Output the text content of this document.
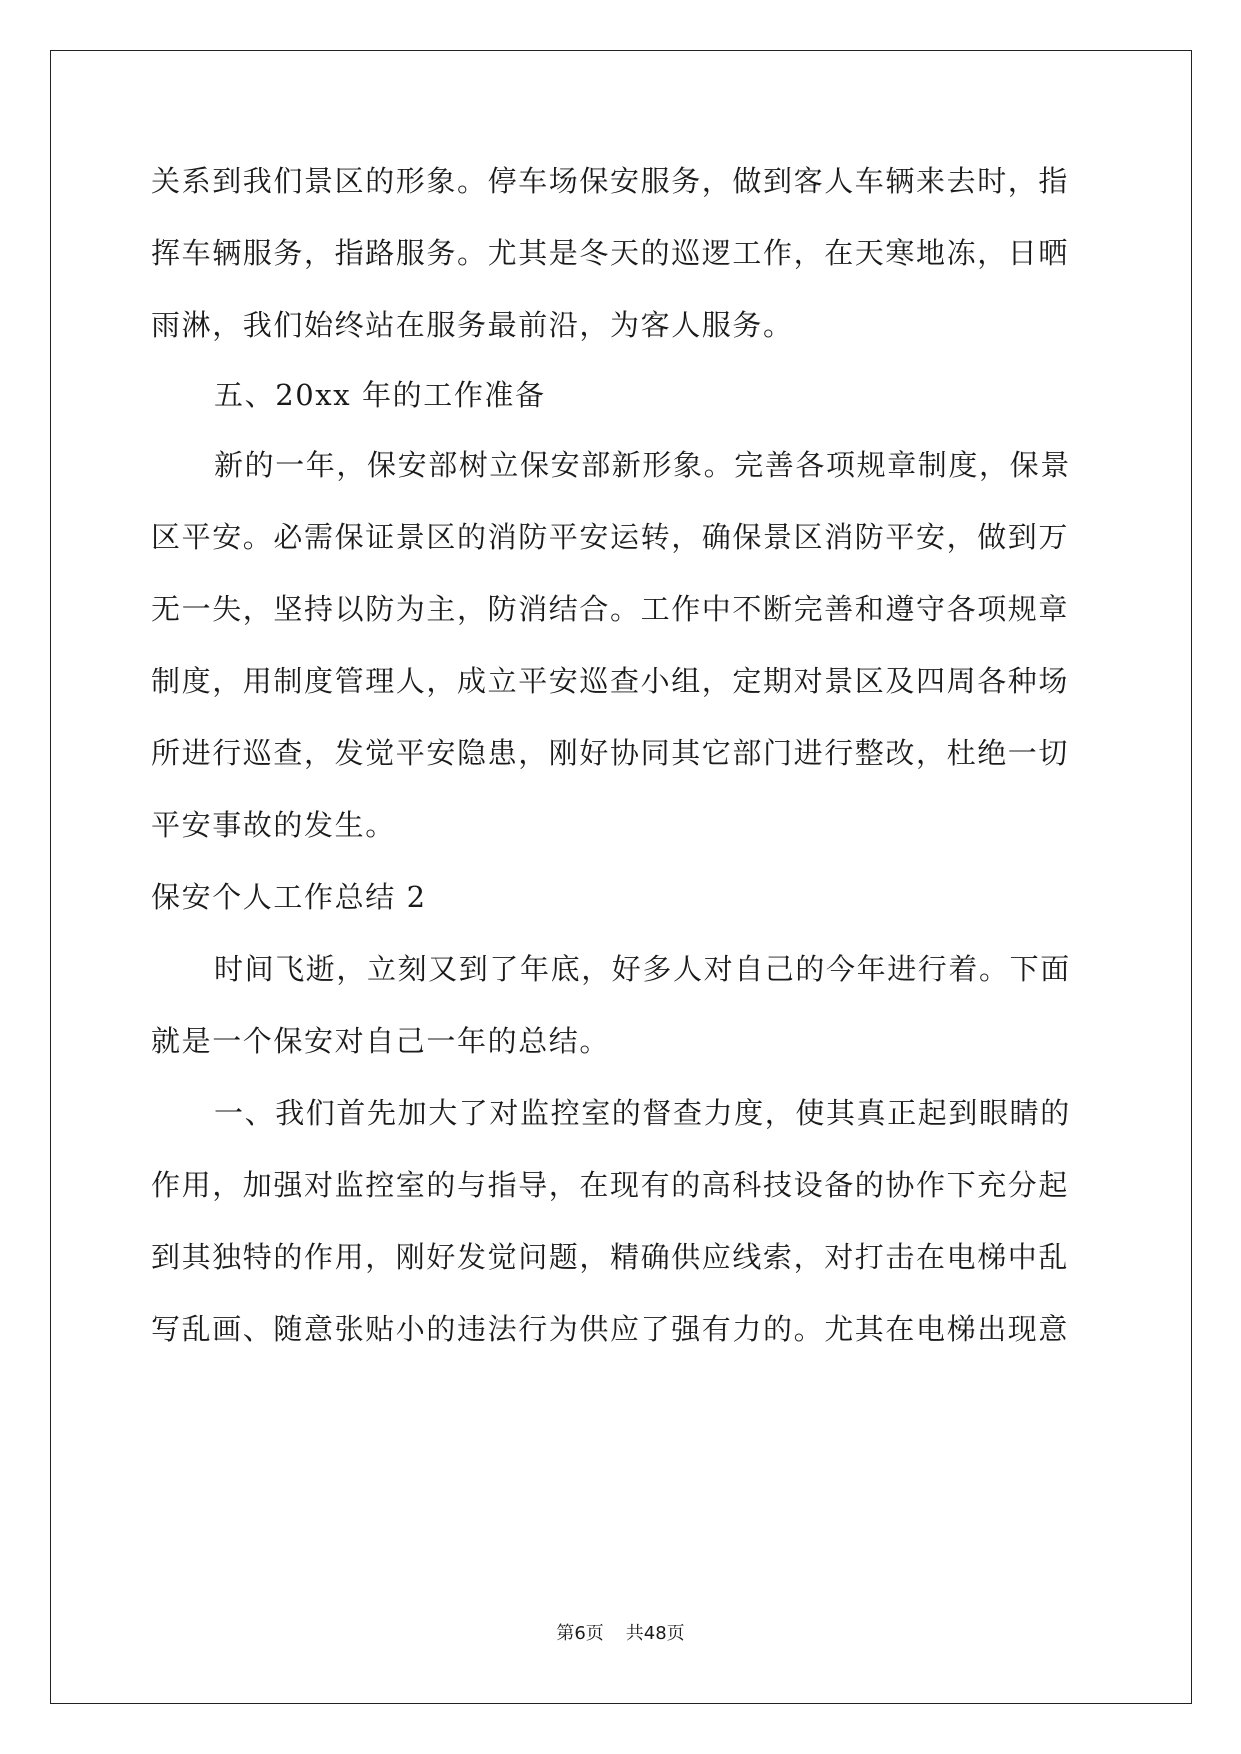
关系到我们景区的形象。停车场保安服务，做到客人车辆来去时，指
挥车辆服务，指路服务。尤其是冬天的巡逻工作，在天寒地冻，日晒
雨淋，我们始终站在服务最前沿，为客人服务。
五、20xx 年的工作准备
新的一年，保安部树立保安部新形象。完善各项规章制度，保景
区平安。必需保证景区的消防平安运转，确保景区消防平安，做到万
无一失，坚持以防为主，防消结合。工作中不断完善和遵守各项规章
制度，用制度管理人，成立平安巡查小组，定期对景区及四周各种场
所进行巡查，发觉平安隐患，刚好协同其它部门进行整改，杜绝一切
平安事故的发生。
保安个人工作总结 2
时间飞逝，立刻又到了年底，好多人对自己的今年进行着。下面
就是一个保安对自己一年的总结。
一、我们首先加大了对监控室的督查力度，使其真正起到眼睛的
作用，加强对监控室的与指导，在现有的高科技设备的协作下充分起
到其独特的作用，刚好发觉问题，精确供应线索，对打击在电梯中乱
写乱画、随意张贴小的违法行为供应了强有力的。尤其在电梯出现意
第6页 共48页
